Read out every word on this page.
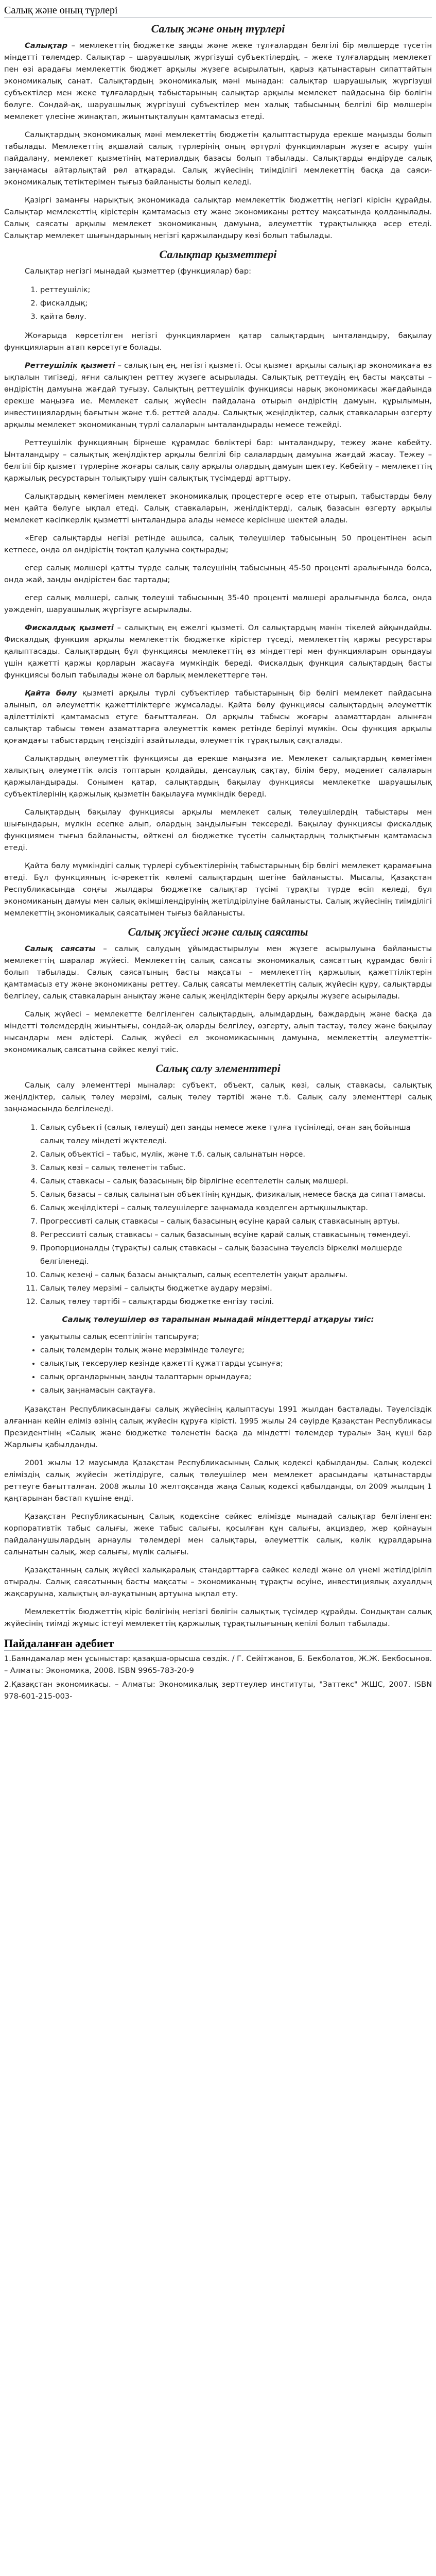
Салық және оның түрлері
Салық және оның түрлері

Салықтар – мемлекеттің бюджетке заңды және жеке тұлғалардан белгілі бір мөлшерде түсетін міндетті төлемдер. Салықтар – шаруашылық жүргізуші субъектілердің, – жеке тұлғалардың мемлекет пен өзі арадағы мемлекеттік бюджет арқылы жүзеге асырылатын, қарыз қатынастарын сипаттайтын экономикалық санат. Салықтардың экономикалық мәні мынадан: салықтар шаруашылық жүргізуші субъектілер мен жеке тұлғалардың табыстарының салықтар арқылы мемлекет пайдасына бір бөлігін бөлуге. Сондай-ақ, шаруашылық жүргізуші субъектілер мен халық табысының белгілі бір мөлшерін мемлекет үлесіне жинақтап, жиынтықталуын қамтамасыз етеді.

Салықтардың экономикалық мәні мемлекеттің бюджетін қалыптастыруда ерекше маңызды болып табылады. Мемлекеттің ақшалай салық түрлерінің оның әртүрлі функцияларын жүзеге асыру үшін пайдалану, мемлекет қызметінің материалдық базасы болып табылады. Салықтарды өндіруде салық заңнамасы айтарлықтай рөл атқарады. Салық жүйесінің тиімділігі мемлекеттің басқа да саяси-экономикалық тетіктерімен тығыз байланысты болып келеді.

Қазіргі заманғы нарықтық экономикада салықтар мемлекеттік бюджеттің негізгі кірісін құрайды. Салықтар мемлекеттің кірістерін қамтамасыз ету және экономиканы реттеу мақсатында қолданылады. Салық саясаты арқылы мемлекет экономиканың дамуына, әлеуметтік тұрақтылыққа әсер етеді. Салықтар мемлекет шығындарының негізгі қаржыландыру көзі болып табылады.

Салықтар қызметтері

Салықтар негізгі мынадай қызметтер (функциялар) бар:

1. реттеушілік;
2. фискалдық;
3. қайта бөлу.

Жоғарыда көрсетілген негізгі функциялармен қатар салықтардың ынталандыру, бақылау функцияларын атап көрсетуге болады.

Реттеушілік қызметі – салықтың ең, негізгі қызметі. Осы қызмет арқылы салықтар экономикаға өз ықпалын тигізеді, яғни салықпен реттеу жүзеге асырылады. Салықтық реттеудің ең басты мақсаты – өндірістің дамуына жағдай туғызу. Салықтың реттеушілік функциясы нарық экономикасы жағдайында ерекше маңызға ие. Мемлекет салық жүйесін пайдалана отырып өндірістің дамуын, құрылымын, инвестициялардың бағытын және т.б. реттей алады. Салықтық жеңілдіктер, салық ставкаларын өзгерту арқылы мемлекет экономиканың түрлі салаларын ынталандырады немесе тежейді.

Реттеушілік функцияның бірнеше құрамдас бөліктері бар: ынталандыру, тежеу және көбейту. Ынталандыру – салықтық жеңілдіктер арқылы белгілі бір салалардың дамуына жағдай жасау. Тежеу – белгілі бір қызмет түрлеріне жоғары салық салу арқылы олардың дамуын шектеу. Көбейту – мемлекеттің қаржылық ресурстарын толықтыру үшін салықтық түсімдерді арттыру.

Салықтардың көмегімен мемлекет экономикалық процестерге әсер ете отырып, табыстарды бөлу мен қайта бөлуге ықпал етеді. Салық ставкаларын, жеңілдіктерді, салық базасын өзгерту арқылы мемлекет кәсіпкерлік қызметті ынталандыра алады немесе керісінше шектей алады.

«Егер салықтарды негізі ретінде ашылса, салық төлеушілер табысының 50 процентінен асып кетпесе, онда ол өндірістің тоқтап қалуына соқтырады;

егер салық мөлшері қатты түрде салық төлеушінің табысының 45-50 проценті аралығында болса, онда жай, заңды өндірістен бас тартады;

егер салық мөлшері, салық төлеуші табысының 35-40 проценті мөлшері аралығында болса, онда уәжденіп, шаруашылық жүргізуге асырылады.

Фискалдық қызметі – салықтың ең ежелгі қызметі. Ол салықтардың мәнін тікелей айқындайды. Фискалдық функция арқылы мемлекеттік бюджетке кірістер түседі, мемлекеттің қаржы ресурстары қалыптасады. Салықтардың бұл функциясы мемлекеттің өз міндеттері мен функцияларын орындауы үшін қажетті қаржы қорларын жасауға мүмкіндік береді. Фискалдық функция салықтардың басты функциясы болып табылады және ол барлық мемлекеттерге тән.

Қайта бөлу қызметі арқылы түрлі субъектілер табыстарының бір бөлігі мемлекет пайдасына алынып, ол әлеуметтік қажеттіліктерге жұмсалады. Қайта бөлу функциясы салықтардың әлеуметтік әділеттілікті қамтамасыз етуге бағытталған. Ол арқылы табысы жоғары азаматтардан алынған салықтар табысы төмен азаматтарға әлеуметтік көмек ретінде берілуі мүмкін. Осы функция арқылы қоғамдағы табыстардың теңсіздігі азайтылады, әлеуметтік тұрақтылық сақталады.

Салықтардың әлеуметтік функциясы да ерекше маңызға ие. Мемлекет салықтардың көмегімен халықтың әлеуметтік әлсіз топтарын қолдайды, денсаулық сақтау, білім беру, мәдениет салаларын қаржыландырады. Сонымен қатар, салықтардың бақылау функциясы мемлекетке шаруашылық субъектілерінің қаржылық қызметін бақылауға мүмкіндік береді.

Салықтардың бақылау функциясы арқылы мемлекет салық төлеушілердің табыстары мен шығындарын, мүлкін есепке алып, олардың заңдылығын тексереді. Бақылау функциясы фискалдық функциямен тығыз байланысты, өйткені ол бюджетке түсетін салықтардың толықтығын қамтамасыз етеді.

Қайта бөлу мүмкіндігі салық түрлері субъектілерінің табыстарының бір бөлігі мемлекет қарамағына өтеді. Бұл функцияның іс-әрекеттік көлемі салықтардың шегіне байланысты. Мысалы, Қазақстан Республикасында соңғы жылдары бюджетке салықтар түсімі тұрақты түрде өсіп келеді, бұл экономиканың дамуы мен салық әкімшілендіруінің жетілдірілуіне байланысты. Салық жүйесінің тиімділігі мемлекеттің экономикалық саясатымен тығыз байланысты.

Салық жүйесі және салық саясаты

Салық саясаты – салық салудың ұйымдастырылуы мен жүзеге асырылуына байланысты мемлекеттің шаралар жүйесі. Мемлекеттің салық саясаты экономикалық саясаттың құрамдас бөлігі болып табылады. Салық саясатының басты мақсаты – мемлекеттің қаржылық қажеттіліктерін қамтамасыз ету және экономиканы реттеу. Салық саясаты мемлекеттің салық жүйесін құру, салықтарды белгілеу, салық ставкаларын анықтау және салық жеңілдіктерін беру арқылы жүзеге асырылады.

Салық жүйесі – мемлекетте белгіленген салықтардың, алымдардың, баждардың және басқа да міндетті төлемдердің жиынтығы, сондай-ақ оларды белгілеу, өзгерту, алып тастау, төлеу және бақылау нысандары мен әдістері. Салық жүйесі ел экономикасының дамуына, мемлекеттің әлеуметтік-экономикалық саясатына сәйкес келуі тиіс.

Салық салу элементтері

Салық салу элементтері мыналар: субъект, объект, салық көзі, салық ставкасы, салықтық жеңілдіктер, салық төлеу мерзімі, салық төлеу тәртібі және т.б. Салық салу элементтері салық заңнамасында белгіленеді.

1. Салық субъекті (салық төлеуші) деп заңды немесе жеке тұлға түсініледі, оған заң бойынша салық төлеу міндеті жүктеледі.
2. Салық объектісі – табыс, мүлік, және т.б. салық салынатын нәрсе.
3. Салық көзі – салық төленетін табыс.
4. Салық ставкасы – салық базасының бір бірлігіне есептелетін салық мөлшері.
5. Салық базасы – салық салынатын объектінің құндық, физикалық немесе басқа да сипаттамасы.
6. Салық жеңілдіктері – салық төлеушілерге заңнамада көзделген артықшылықтар.
7. Прогрессивті салық ставкасы – салық базасының өсуіне қарай салық ставкасының артуы.
8. Регрессивті салық ставкасы – салық базасының өсуіне қарай салық ставкасының төмендеуі.
9. Пропорционалды (тұрақты) салық ставкасы – салық базасына тәуелсіз біркелкі мөлшерде белгіленеді.
10. Салық кезеңі – салық базасы анықталып, салық есептелетін уақыт аралығы.
11. Салық төлеу мерзімі – салықты бюджетке аудару мерзімі.
12. Салық төлеу тәртібі – салықтарды бюджетке енгізу тәсілі.
Салық төлеушілер өз тарапынан мынадай міндеттерді атқаруы тиіс:
• уақытылы салық есептілігін тапсыруға;
• салық төлемдерін толық және мерзімінде төлеуге;
• салықтық тексерулер кезінде қажетті құжаттарды ұсынуға;
• салық органдарының заңды талаптарын орындауға;
• салық заңнамасын сақтауға.

Қазақстан Республикасындағы салық жүйесінің қалыптасуы 1991 жылдан басталады. Тәуелсіздік алғаннан кейін еліміз өзінің салық жүйесін құруға кірісті. 1995 жылы 24 сәуірде Қазақстан Республикасы Президентінің «Салық және бюджетке төленетін басқа да міндетті төлемдер туралы» Заң күші бар Жарлығы қабылданды.

2001 жылы 12 маусымда Қазақстан Республикасының Салық кодексі қабылданды. Салық кодексі еліміздің салық жүйесін жетілдіруге, салық төлеушілер мен мемлекет арасындағы қатынастарды реттеуге бағытталған. 2008 жылы 10 желтоқсанда жаңа Салық кодексі қабылданды, ол 2009 жылдың 1 қаңтарынан бастап күшіне енді.

Қазақстан Республикасының Салық кодексіне сәйкес елімізде мынадай салықтар белгіленген: корпоративтік табыс салығы, жеке табыс салығы, қосылған құн салығы, акциздер, жер қойнауын пайдаланушылардың арнаулы төлемдері мен салықтары, әлеуметтік салық, көлік құралдарына салынатын салық, жер салығы, мүлік салығы.

Қазақстанның салық жүйесі халықаралық стандарттарға сәйкес келеді және ол үнемі жетілдіріліп отырады. Салық саясатының басты мақсаты – экономиканың тұрақты өсуіне, инвестициялық ахуалдың жақсаруына, халықтың әл-ауқатының артуына ықпал ету.

Мемлекеттік бюджеттің кіріс бөлігінің негізгі бөлігін салықтық түсімдер құрайды. Сондықтан салық жүйесінің тиімді жұмыс істеуі мемлекеттің қаржылық тұрақтылығының кепілі болып табылады.

Пайдаланған әдебиет
1.Баяндамалар мен ұсыныстар: қазақша-орысша сөздік. / Г. Сейітжанов, Б. Бекболатов, Ж.Ж. Бекбосынов. – Алматы: Экономика, 2008. ISBN 9965-783-20-9
2.Қазақстан экономикасы. – Алматы: Экономикалық зерттеулер институты, "Заттекс" ЖШС, 2007. ISBN 978-601-215-003-
